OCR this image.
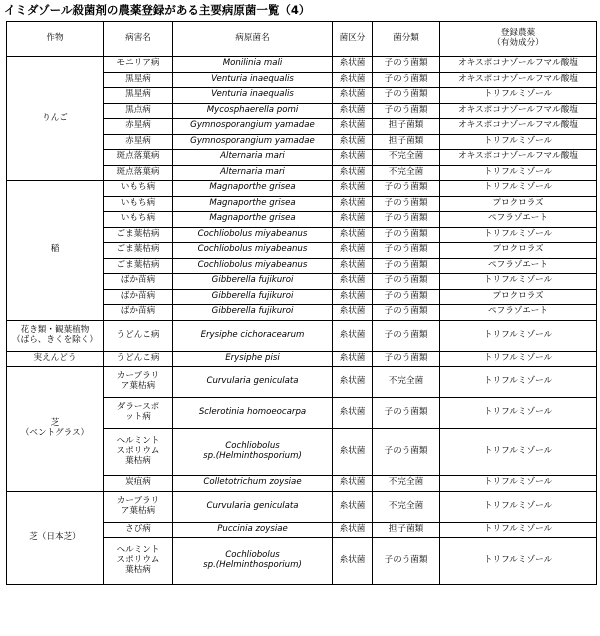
イミダゾール殺菌剤の農薬登録がある主要病原菌一覧（4）
作物	病害名	病原菌名	菌区分	菌分類	登録農薬
（有効成分）
りんご	モニリア病	Monilinia mali	糸状菌	子のう菌類	オキスポコナゾールフマル酸塩
	黒星病	Venturia inaequalis	糸状菌	子のう菌類	オキスポコナゾールフマル酸塩
	黒星病	Venturia inaequalis	糸状菌	子のう菌類	トリフルミゾール
	黒点病	Mycosphaerella pomi	糸状菌	子のう菌類	オキスポコナゾールフマル酸塩
	赤星病	Gymnosporangium yamadae	糸状菌	担子菌類	オキスポコナゾールフマル酸塩
	赤星病	Gymnosporangium yamadae	糸状菌	担子菌類	トリフルミゾール
	斑点落葉病	Alternaria mari	糸状菌	不完全菌	オキスポコナゾールフマル酸塩
	斑点落葉病	Alternaria mari	糸状菌	不完全菌	トリフルミゾール
稲	いもち病	Magnaporthe grisea	糸状菌	子のう菌類	トリフルミゾール
	いもち病	Magnaporthe grisea	糸状菌	子のう菌類	プロクロラズ
	いもち病	Magnaporthe grisea	糸状菌	子のう菌類	ペフラゾエート
	ごま葉枯病	Cochliobolus miyabeanus	糸状菌	子のう菌類	トリフルミゾール
	ごま葉枯病	Cochliobolus miyabeanus	糸状菌	子のう菌類	プロクロラズ
	ごま葉枯病	Cochliobolus miyabeanus	糸状菌	子のう菌類	ペフラゾエート
	ばか苗病	Gibberella fujikuroi	糸状菌	子のう菌類	トリフルミゾール
	ばか苗病	Gibberella fujikuroi	糸状菌	子のう菌類	プロクロラズ
	ばか苗病	Gibberella fujikuroi	糸状菌	子のう菌類	ペフラゾエート
花き類・観葉植物
（ばら、きくを除く）	うどんこ病	Erysiphe cichoracearum	糸状菌	子のう菌類	トリフルミゾール
実えんどう	うどんこ病	Erysiphe pisi	糸状菌	子のう菌類	トリフルミゾール
芝
（ベントグラス）	カーブラリ
ア葉枯病	Curvularia geniculata	糸状菌	不完全菌	トリフルミゾール
	ダラースポ
ット病	Sclerotinia homoeocarpa	糸状菌	子のう菌類	トリフルミゾール
	ヘルミント
スポリウム
葉枯病	Cochliobolus
sp.(Helminthosporium)	糸状菌	子のう菌類	トリフルミゾール
	炭疽病	Colletotrichum zoysiae	糸状菌	不完全菌	トリフルミゾール
芝（日本芝）	カーブラリ
ア葉枯病	Curvularia geniculata	糸状菌	不完全菌	トリフルミゾール
	さび病	Puccinia zoysiae	糸状菌	担子菌類	トリフルミゾール
	ヘルミント
スポリウム
葉枯病	Cochliobolus
sp.(Helminthosporium)	糸状菌	子のう菌類	トリフルミゾール
